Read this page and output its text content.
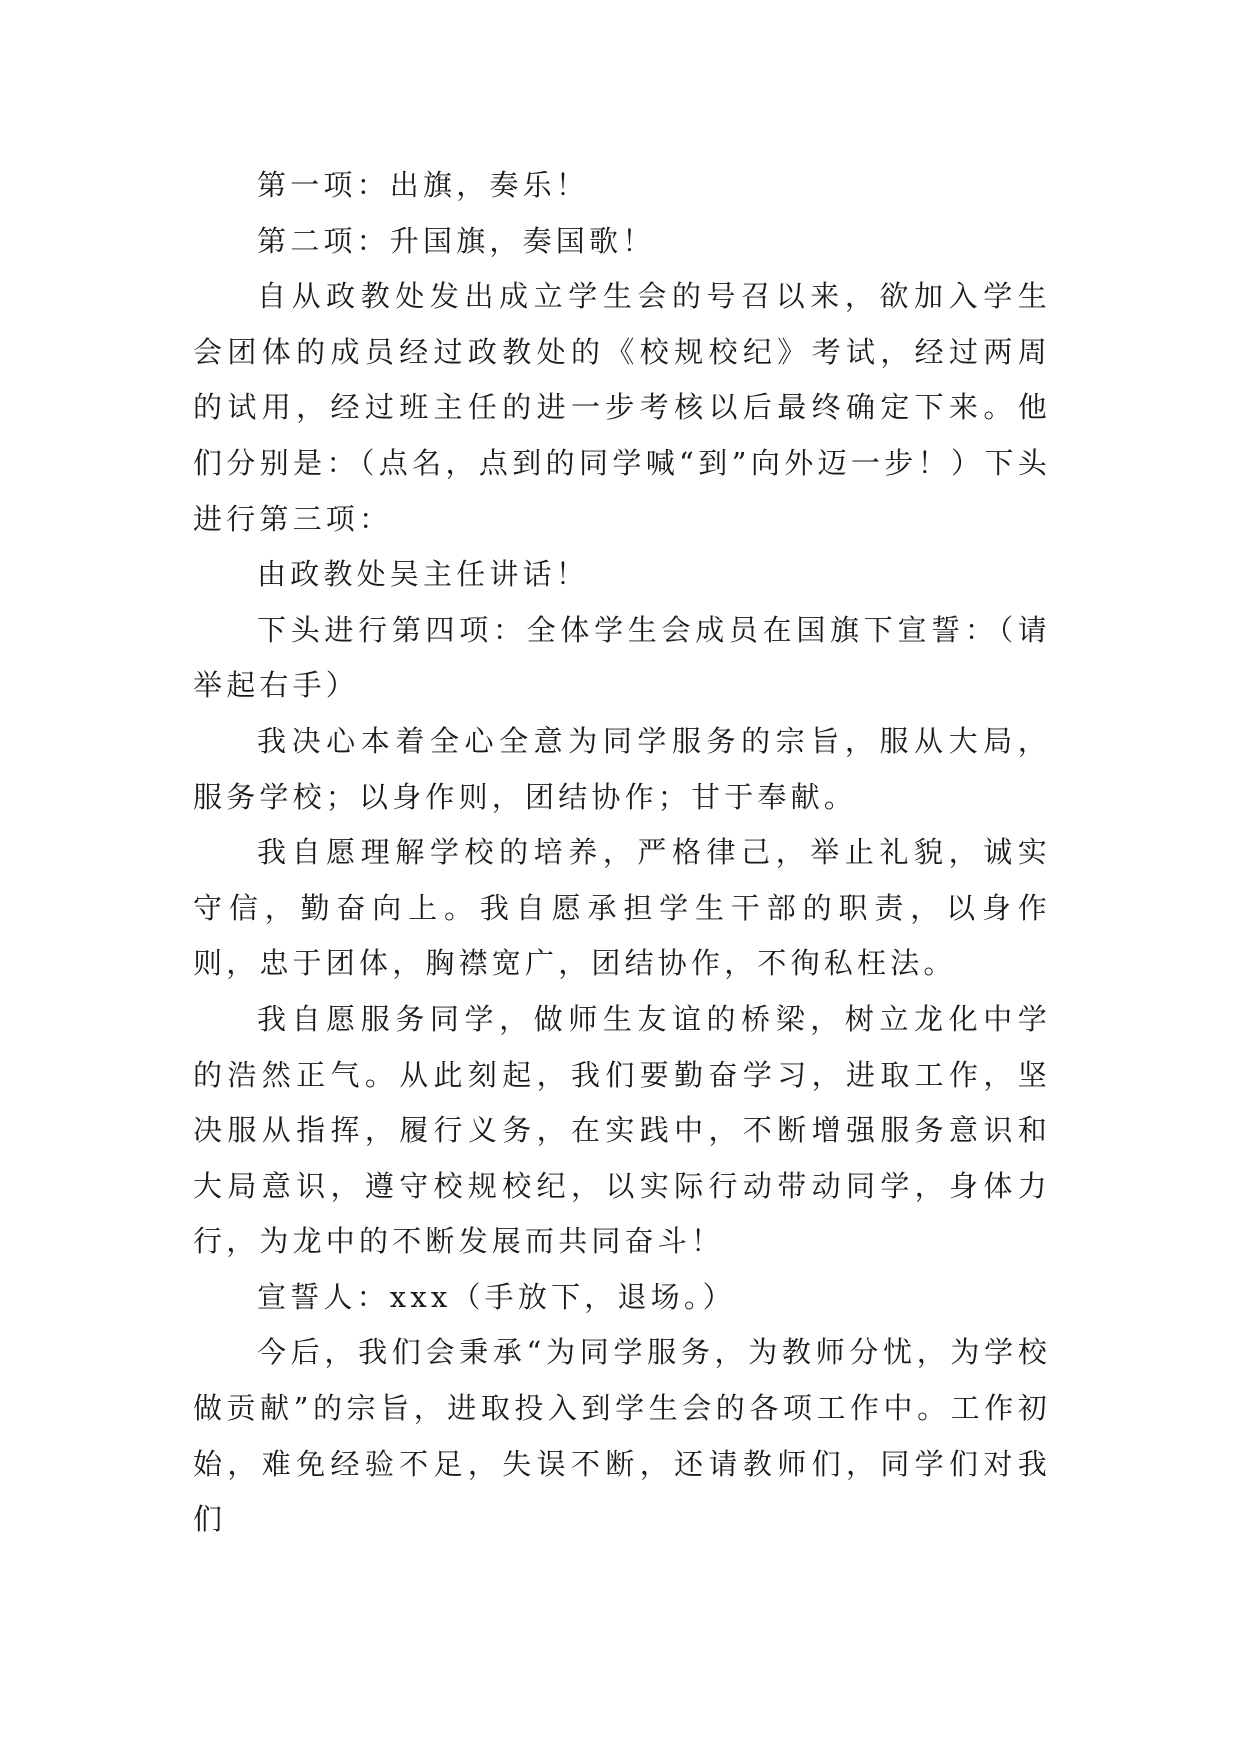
第一项：出旗，奏乐！

第二项：升国旗，奏国歌！

自从政教处发出成立学生会的号召以来，欲加入学生会团体的成员经过政教处的《校规校纪》考试，经过两周的试用，经过班主任的进一步考核以后最终确定下来。他们分别是：（点名，点到的同学喊“到”向外迈一步！）下头进行第三项：

由政教处吴主任讲话！

下头进行第四项：全体学生会成员在国旗下宣誓：（请举起右手）

我决心本着全心全意为同学服务的宗旨，服从大局，服务学校；以身作则，团结协作；甘于奉献。

我自愿理解学校的培养，严格律己，举止礼貌，诚实守信，勤奋向上。我自愿承担学生干部的职责，以身作则，忠于团体，胸襟宽广，团结协作，不徇私枉法。

我自愿服务同学，做师生友谊的桥梁，树立龙化中学的浩然正气。从此刻起，我们要勤奋学习，进取工作，坚决服从指挥，履行义务，在实践中，不断增强服务意识和大局意识，遵守校规校纪，以实际行动带动同学，身体力行，为龙中的不断发展而共同奋斗！

宣誓人：xxx（手放下，退场。）

今后，我们会秉承“为同学服务，为教师分忧，为学校做贡献”的宗旨，进取投入到学生会的各项工作中。工作初始，难免经验不足，失误不断，还请教师们，同学们对我们
